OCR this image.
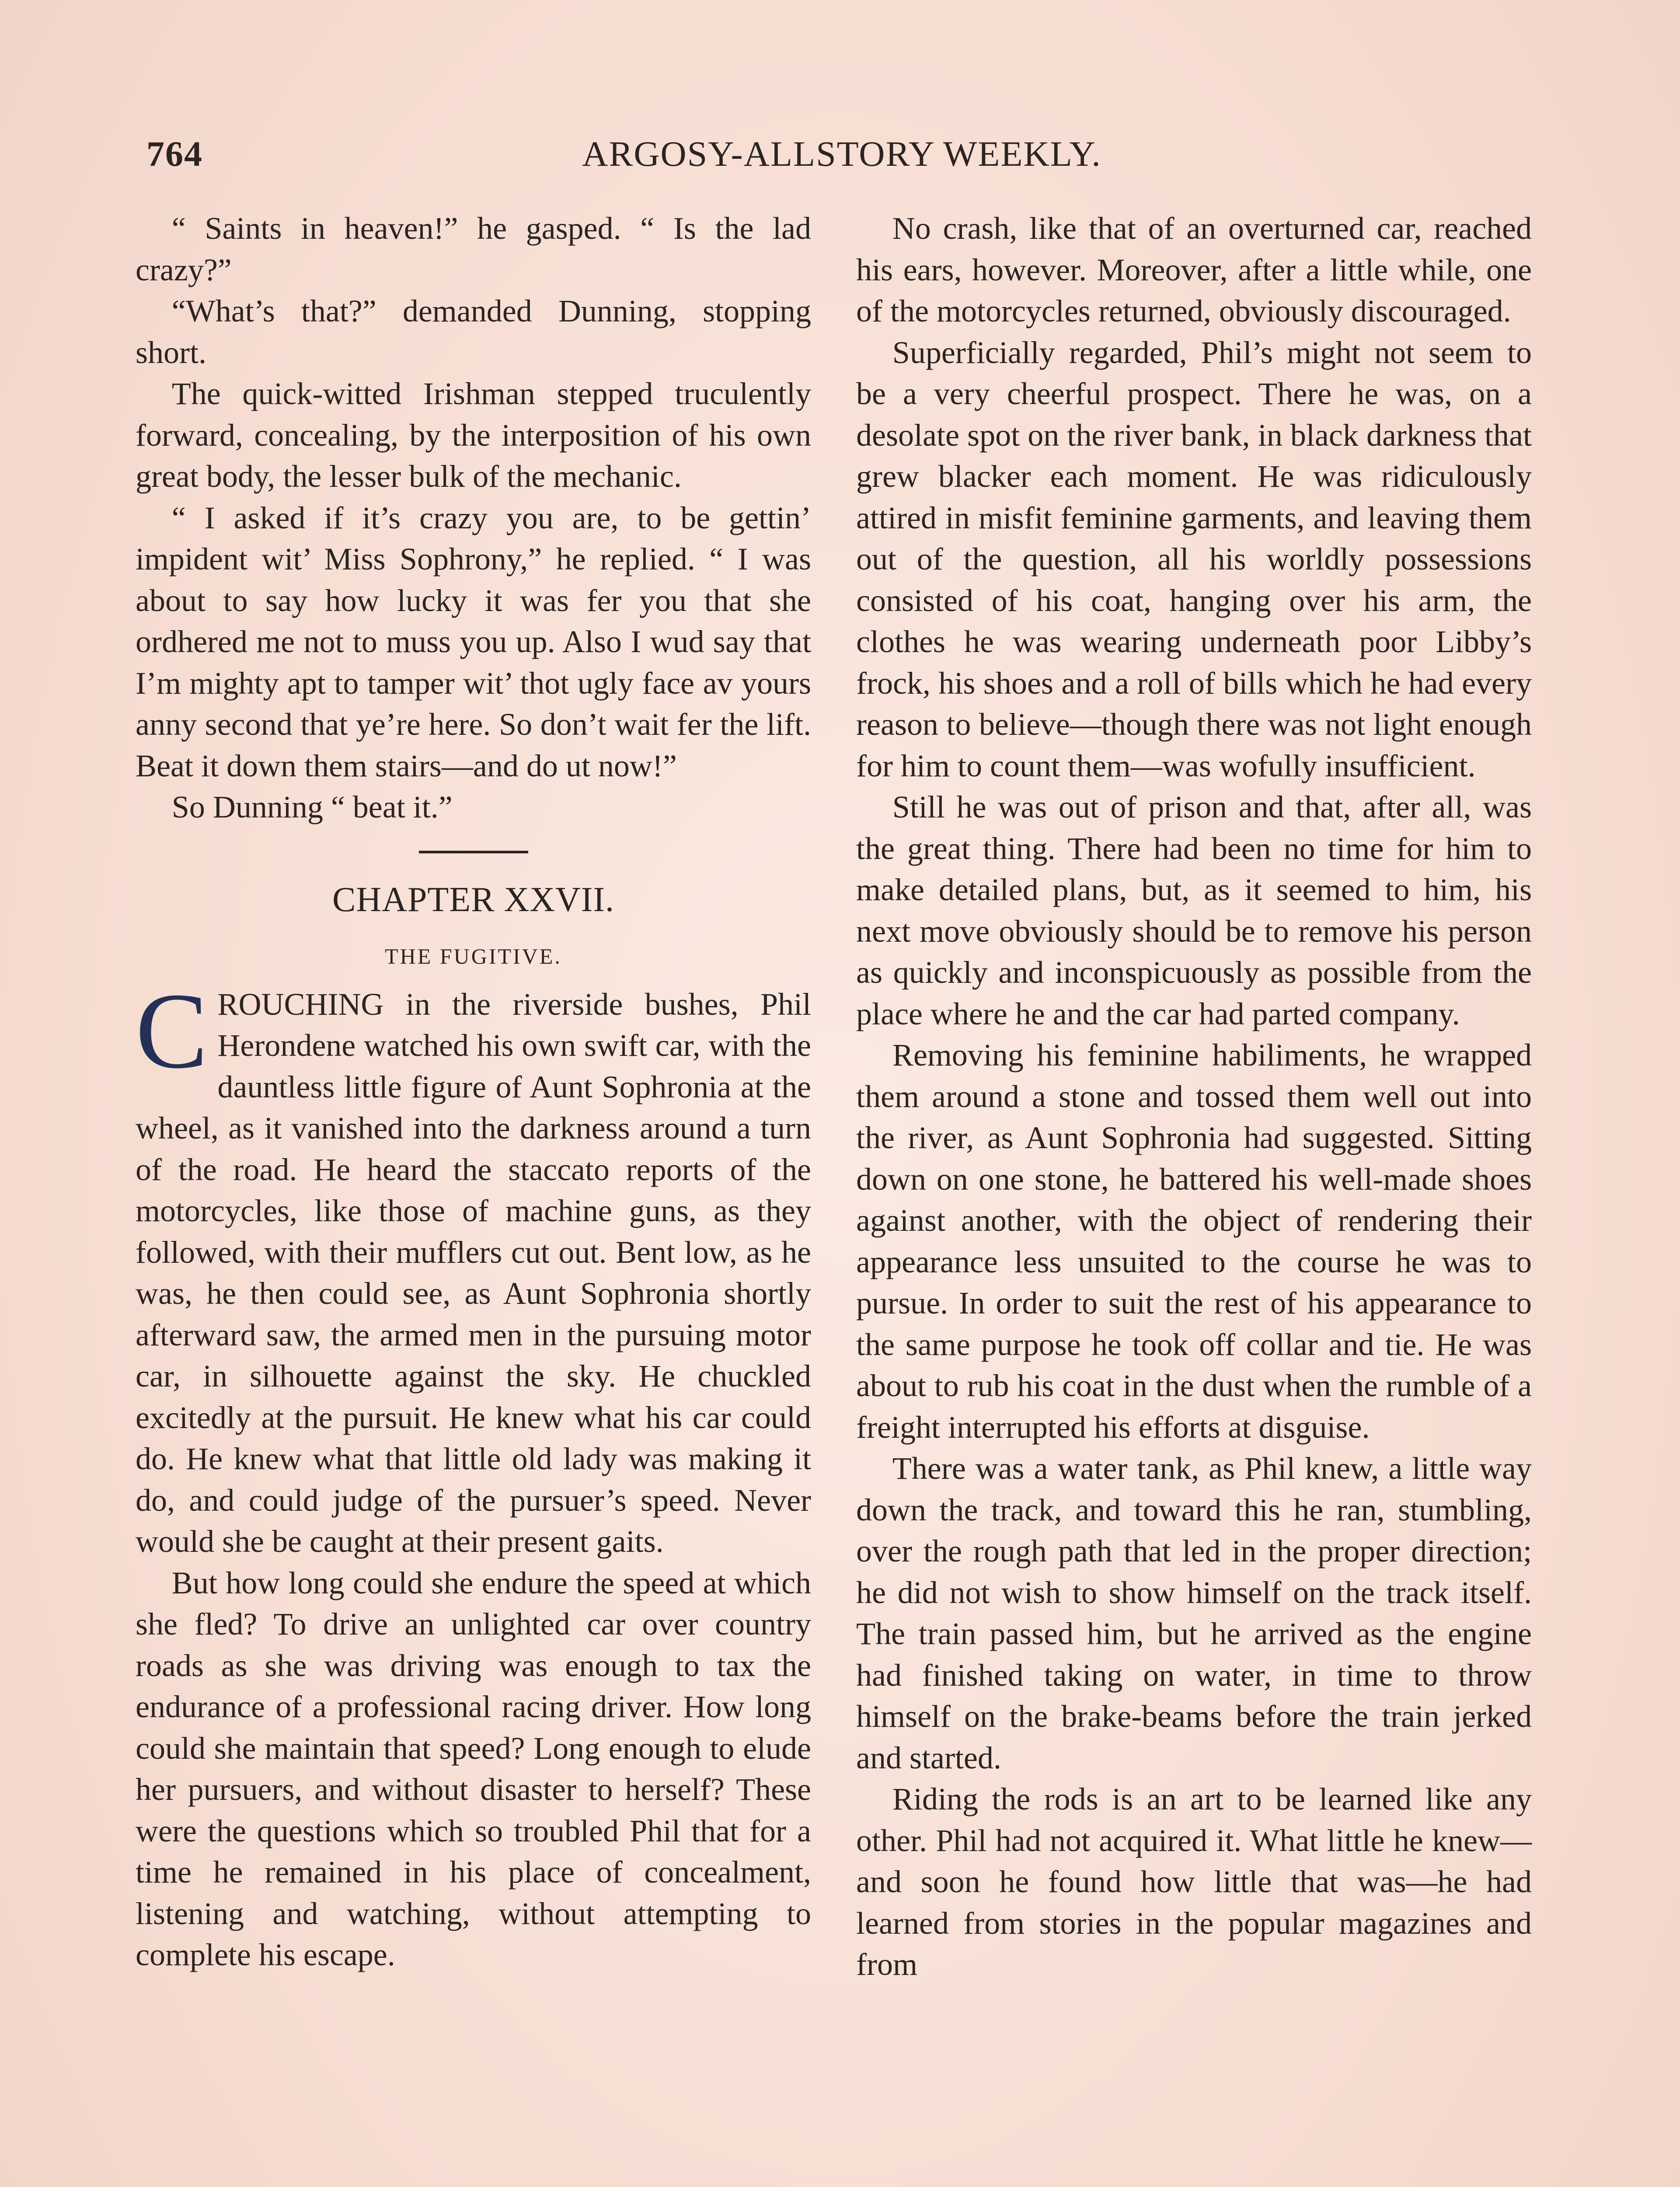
764	ARGOSY-ALLSTORY WEEKLY.

“ Saints in heaven!” he gasped. “ Is the lad crazy?”

“What’s that?” demanded Dunning, stopping short.

The quick-witted Irishman stepped truculently forward, concealing, by the interposition of his own great body, the lesser bulk of the mechanic.

“ I asked if it’s crazy you are, to be gettin’ impident wit’ Miss Sophrony,” he replied. “ I was about to say how lucky it was fer you that she ordhered me not to muss you up. Also I wud say that I’m mighty apt to tamper wit’ thot ugly face av yours anny second that ye’re here. So don’t wait fer the lift. Beat it down them stairs—and do ut now!”

So Dunning “ beat it.”

CHAPTER XXVII.
THE FUGITIVE.

CROUCHING in the riverside bushes, Phil Herondene watched his own swift car, with the dauntless little figure of Aunt Sophronia at the wheel, as it vanished into the darkness around a turn of the road. He heard the staccato reports of the motorcycles, like those of machine guns, as they followed, with their mufflers cut out. Bent low, as he was, he then could see, as Aunt Sophronia shortly afterward saw, the armed men in the pursuing motor car, in silhouette against the sky. He chuckled excitedly at the pursuit. He knew what his car could do. He knew what that little old lady was making it do, and could judge of the pursuer’s speed. Never would she be caught at their present gaits.

But how long could she endure the speed at which she fled? To drive an unlighted car over country roads as she was driving was enough to tax the endurance of a professional racing driver. How long could she maintain that speed? Long enough to elude her pursuers, and without disaster to herself? These were the questions which so troubled Phil that for a time he remained in his place of concealment, listening and watching, without attempting to complete his escape.

No crash, like that of an overturned car, reached his ears, however. Moreover, after a little while, one of the motorcycles returned, obviously discouraged.

Superficially regarded, Phil’s might not seem to be a very cheerful prospect. There he was, on a desolate spot on the river bank, in black darkness that grew blacker each moment. He was ridiculously attired in misfit feminine garments, and leaving them out of the question, all his worldly possessions consisted of his coat, hanging over his arm, the clothes he was wearing underneath poor Libby’s frock, his shoes and a roll of bills which he had every reason to believe—though there was not light enough for him to count them—was wofully insufficient.

Still he was out of prison and that, after all, was the great thing. There had been no time for him to make detailed plans, but, as it seemed to him, his next move obviously should be to remove his person as quickly and inconspicuously as possible from the place where he and the car had parted company.

Removing his feminine habiliments, he wrapped them around a stone and tossed them well out into the river, as Aunt Sophronia had suggested. Sitting down on one stone, he battered his well-made shoes against another, with the object of rendering their appearance less unsuited to the course he was to pursue. In order to suit the rest of his appearance to the same purpose he took off collar and tie. He was about to rub his coat in the dust when the rumble of a freight interrupted his efforts at disguise.

There was a water tank, as Phil knew, a little way down the track, and toward this he ran, stumbling, over the rough path that led in the proper direction; he did not wish to show himself on the track itself. The train passed him, but he arrived as the engine had finished taking on water, in time to throw himself on the brake-beams before the train jerked and started.

Riding the rods is an art to be learned like any other. Phil had not acquired it. What little he knew—and soon he found how little that was—he had learned from stories in the popular magazines and from
